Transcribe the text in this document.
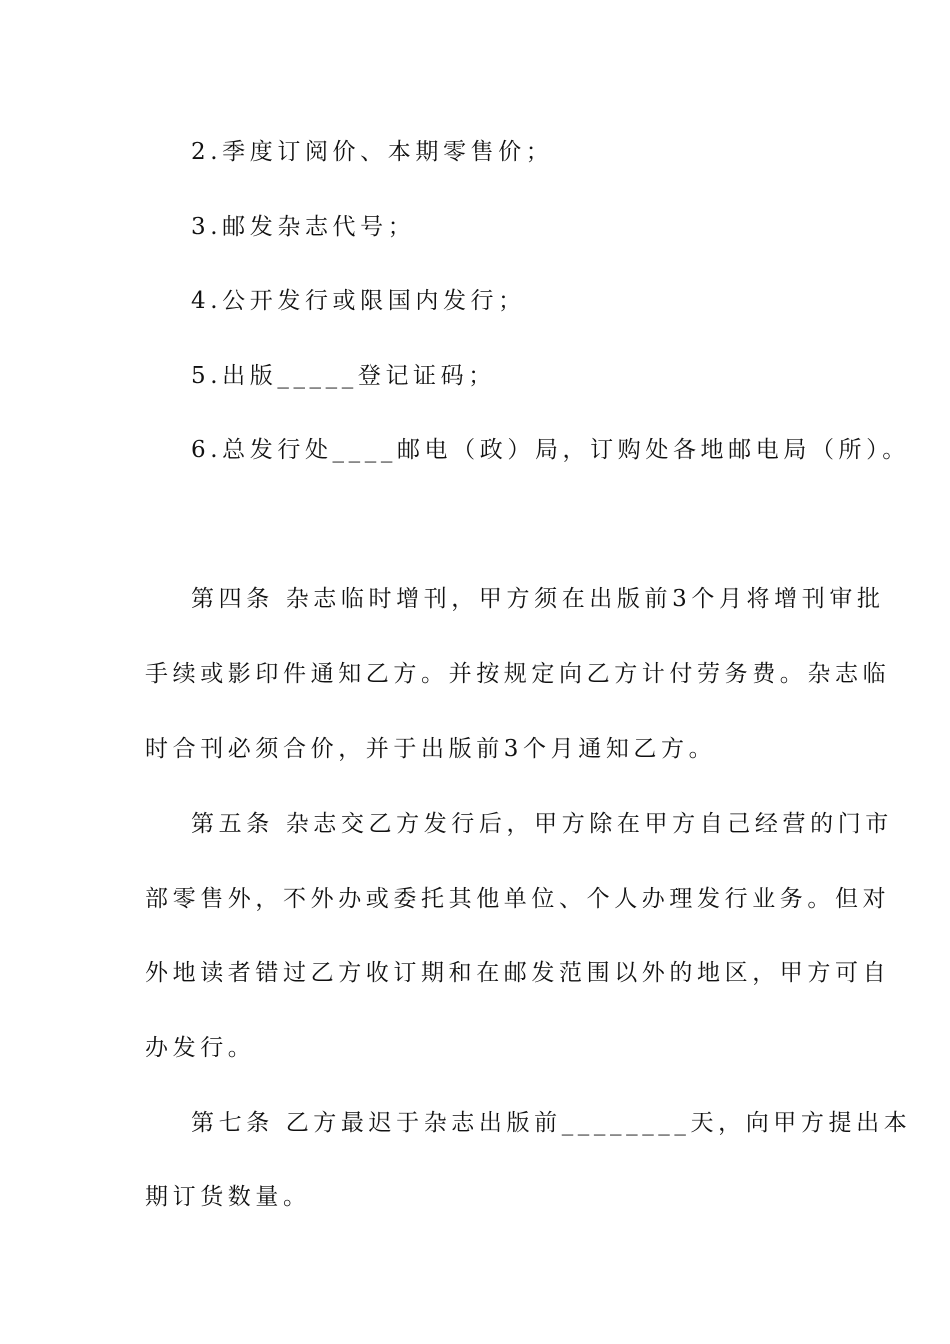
2.季度订阅价、本期零售价；
3.邮发杂志代号；
4.公开发行或限国内发行；
5.出版_____登记证码；
6.总发行处____邮电（政）局，订购处各地邮电局（所）。
第四条 杂志临时增刊，甲方须在出版前3个月将增刊审批
手续或影印件通知乙方。并按规定向乙方计付劳务费。杂志临
时合刊必须合价，并于出版前3个月通知乙方。
第五条 杂志交乙方发行后，甲方除在甲方自己经营的门市
部零售外，不外办或委托其他单位、个人办理发行业务。但对
外地读者错过乙方收订期和在邮发范围以外的地区，甲方可自
办发行。
第七条 乙方最迟于杂志出版前________天，向甲方提出本
期订货数量。
